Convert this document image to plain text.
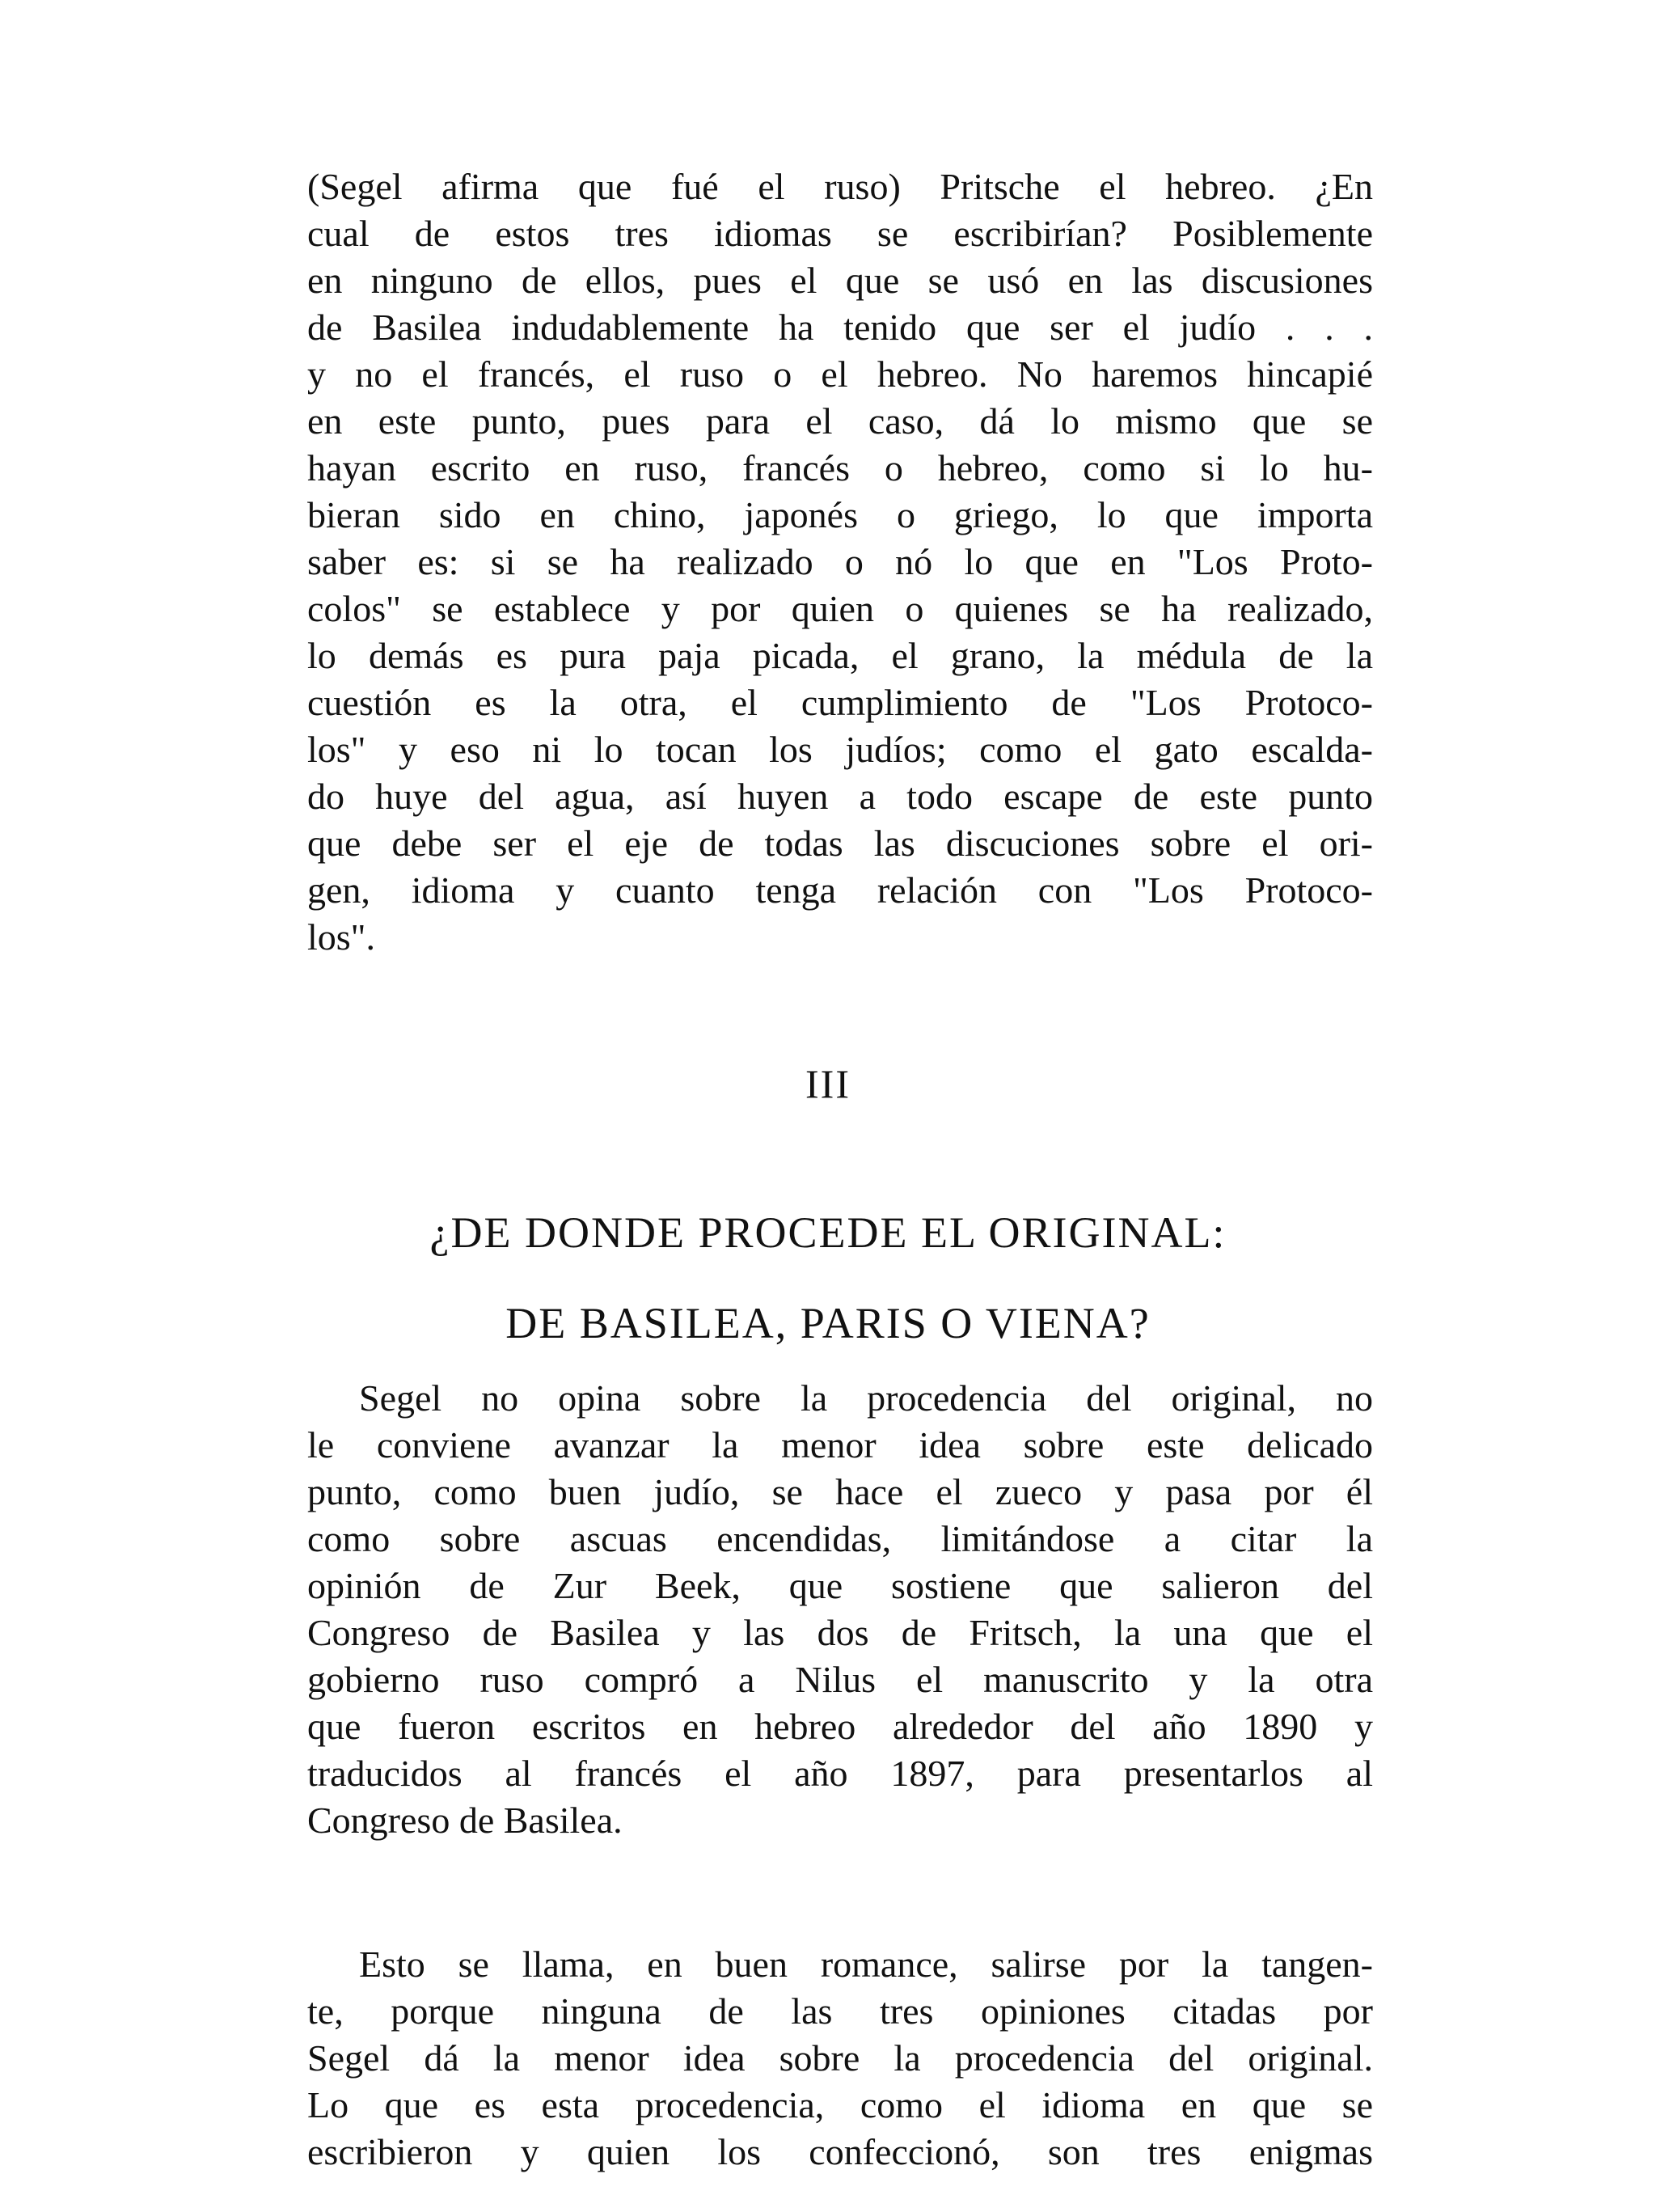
(Segel afirma que fué el ruso) Pritsche el hebreo. ¿En
cual de estos tres idiomas se escribirían? Posiblemente
en ninguno de ellos, pues el que se usó en las discusiones
de Basilea indudablemente ha tenido que ser el judío . . .
y no el francés, el ruso o el hebreo. No haremos hincapié
en este punto, pues para el caso, dá lo mismo que se
hayan escrito en ruso, francés o hebreo, como si lo hu-
bieran sido en chino, japonés o griego, lo que importa
saber es: si se ha realizado o nó lo que en "Los Proto-
colos" se establece y por quien o quienes se ha realizado,
lo demás es pura paja picada, el grano, la médula de la
cuestión es la otra, el cumplimiento de "Los Protoco-
los" y eso ni lo tocan los judíos; como el gato escalda-
do huye del agua, así huyen a todo escape de este punto
que debe ser el eje de todas las discuciones sobre el ori-
gen, idioma y cuanto tenga relación con "Los Protoco-
los".
III
¿DE DONDE PROCEDE EL ORIGINAL:
DE BASILEA, PARIS O VIENA?
Segel no opina sobre la procedencia del original, no
le conviene avanzar la menor idea sobre este delicado
punto, como buen judío, se hace el zueco y pasa por él
como sobre ascuas encendidas, limitándose a citar la
opinión de Zur Beek, que sostiene que salieron del
Congreso de Basilea y las dos de Fritsch, la una que el
gobierno ruso compró a Nilus el manuscrito y la otra
que fueron escritos en hebreo alrededor del año 1890 y
traducidos al francés el año 1897, para presentarlos al
Congreso de Basilea.
Esto se llama, en buen romance, salirse por la tangen-
te, porque ninguna de las tres opiniones citadas por
Segel dá la menor idea sobre la procedencia del original.
Lo que es esta procedencia, como el idioma en que se
escribieron y quien los confeccionó, son tres enigmas
